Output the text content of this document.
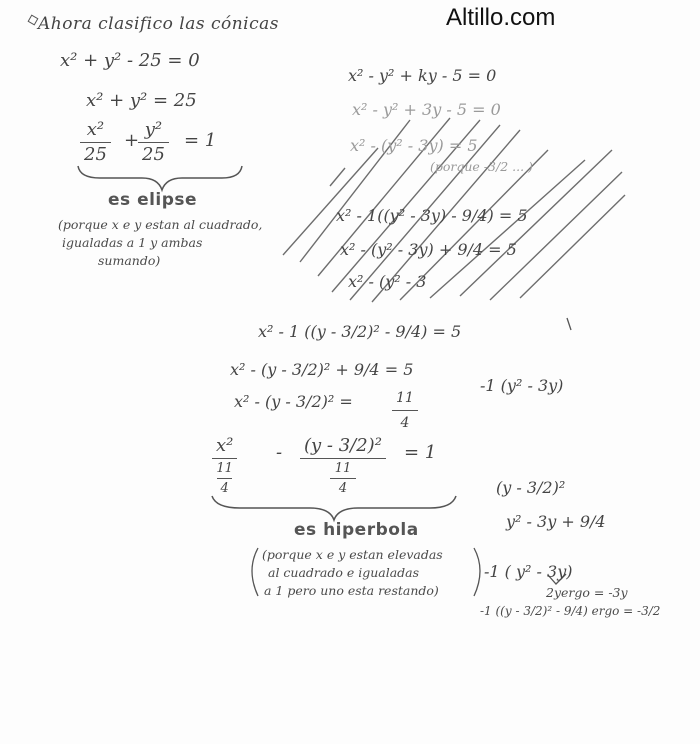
Altillo.com
Ahora clasifico las cónicas
x² + y² - 25 = 0
x² + y² = 25
x²
25
+
y²
25
= 1
es elipse
(porque x e y estan al cuadrado,
igualadas a 1 y ambas
sumando)
x² - y² + ky - 5 = 0
x² - y² + 3y - 5 = 0
x² - (y² - 3y) = 5
(porque -3/2 ... )
x² - 1((y² - 3y) - 9/4) = 5
x² - (y² - 3y) + 9/4 = 5
x² - (y² - 3
x² - 1 ((y - 3/2)² - 9/4) = 5
x² - (y - 3/2)² + 9/4 = 5
x² - (y - 3/2)² =	11
4
x²
11
4
- (y - 3/2)²
11
4
= 1
es hiperbola
(porque x e y estan elevadas
al cuadrado e igualadas
a 1 pero uno esta restando)
-1 (y² - 3y)
(y - 3/2)²
y² - 3y + 9/4
-1 ( y² - 3y)
2yergo = -3y
-1 ((y - 3/2)² - 9/4) ergo = -3/2
